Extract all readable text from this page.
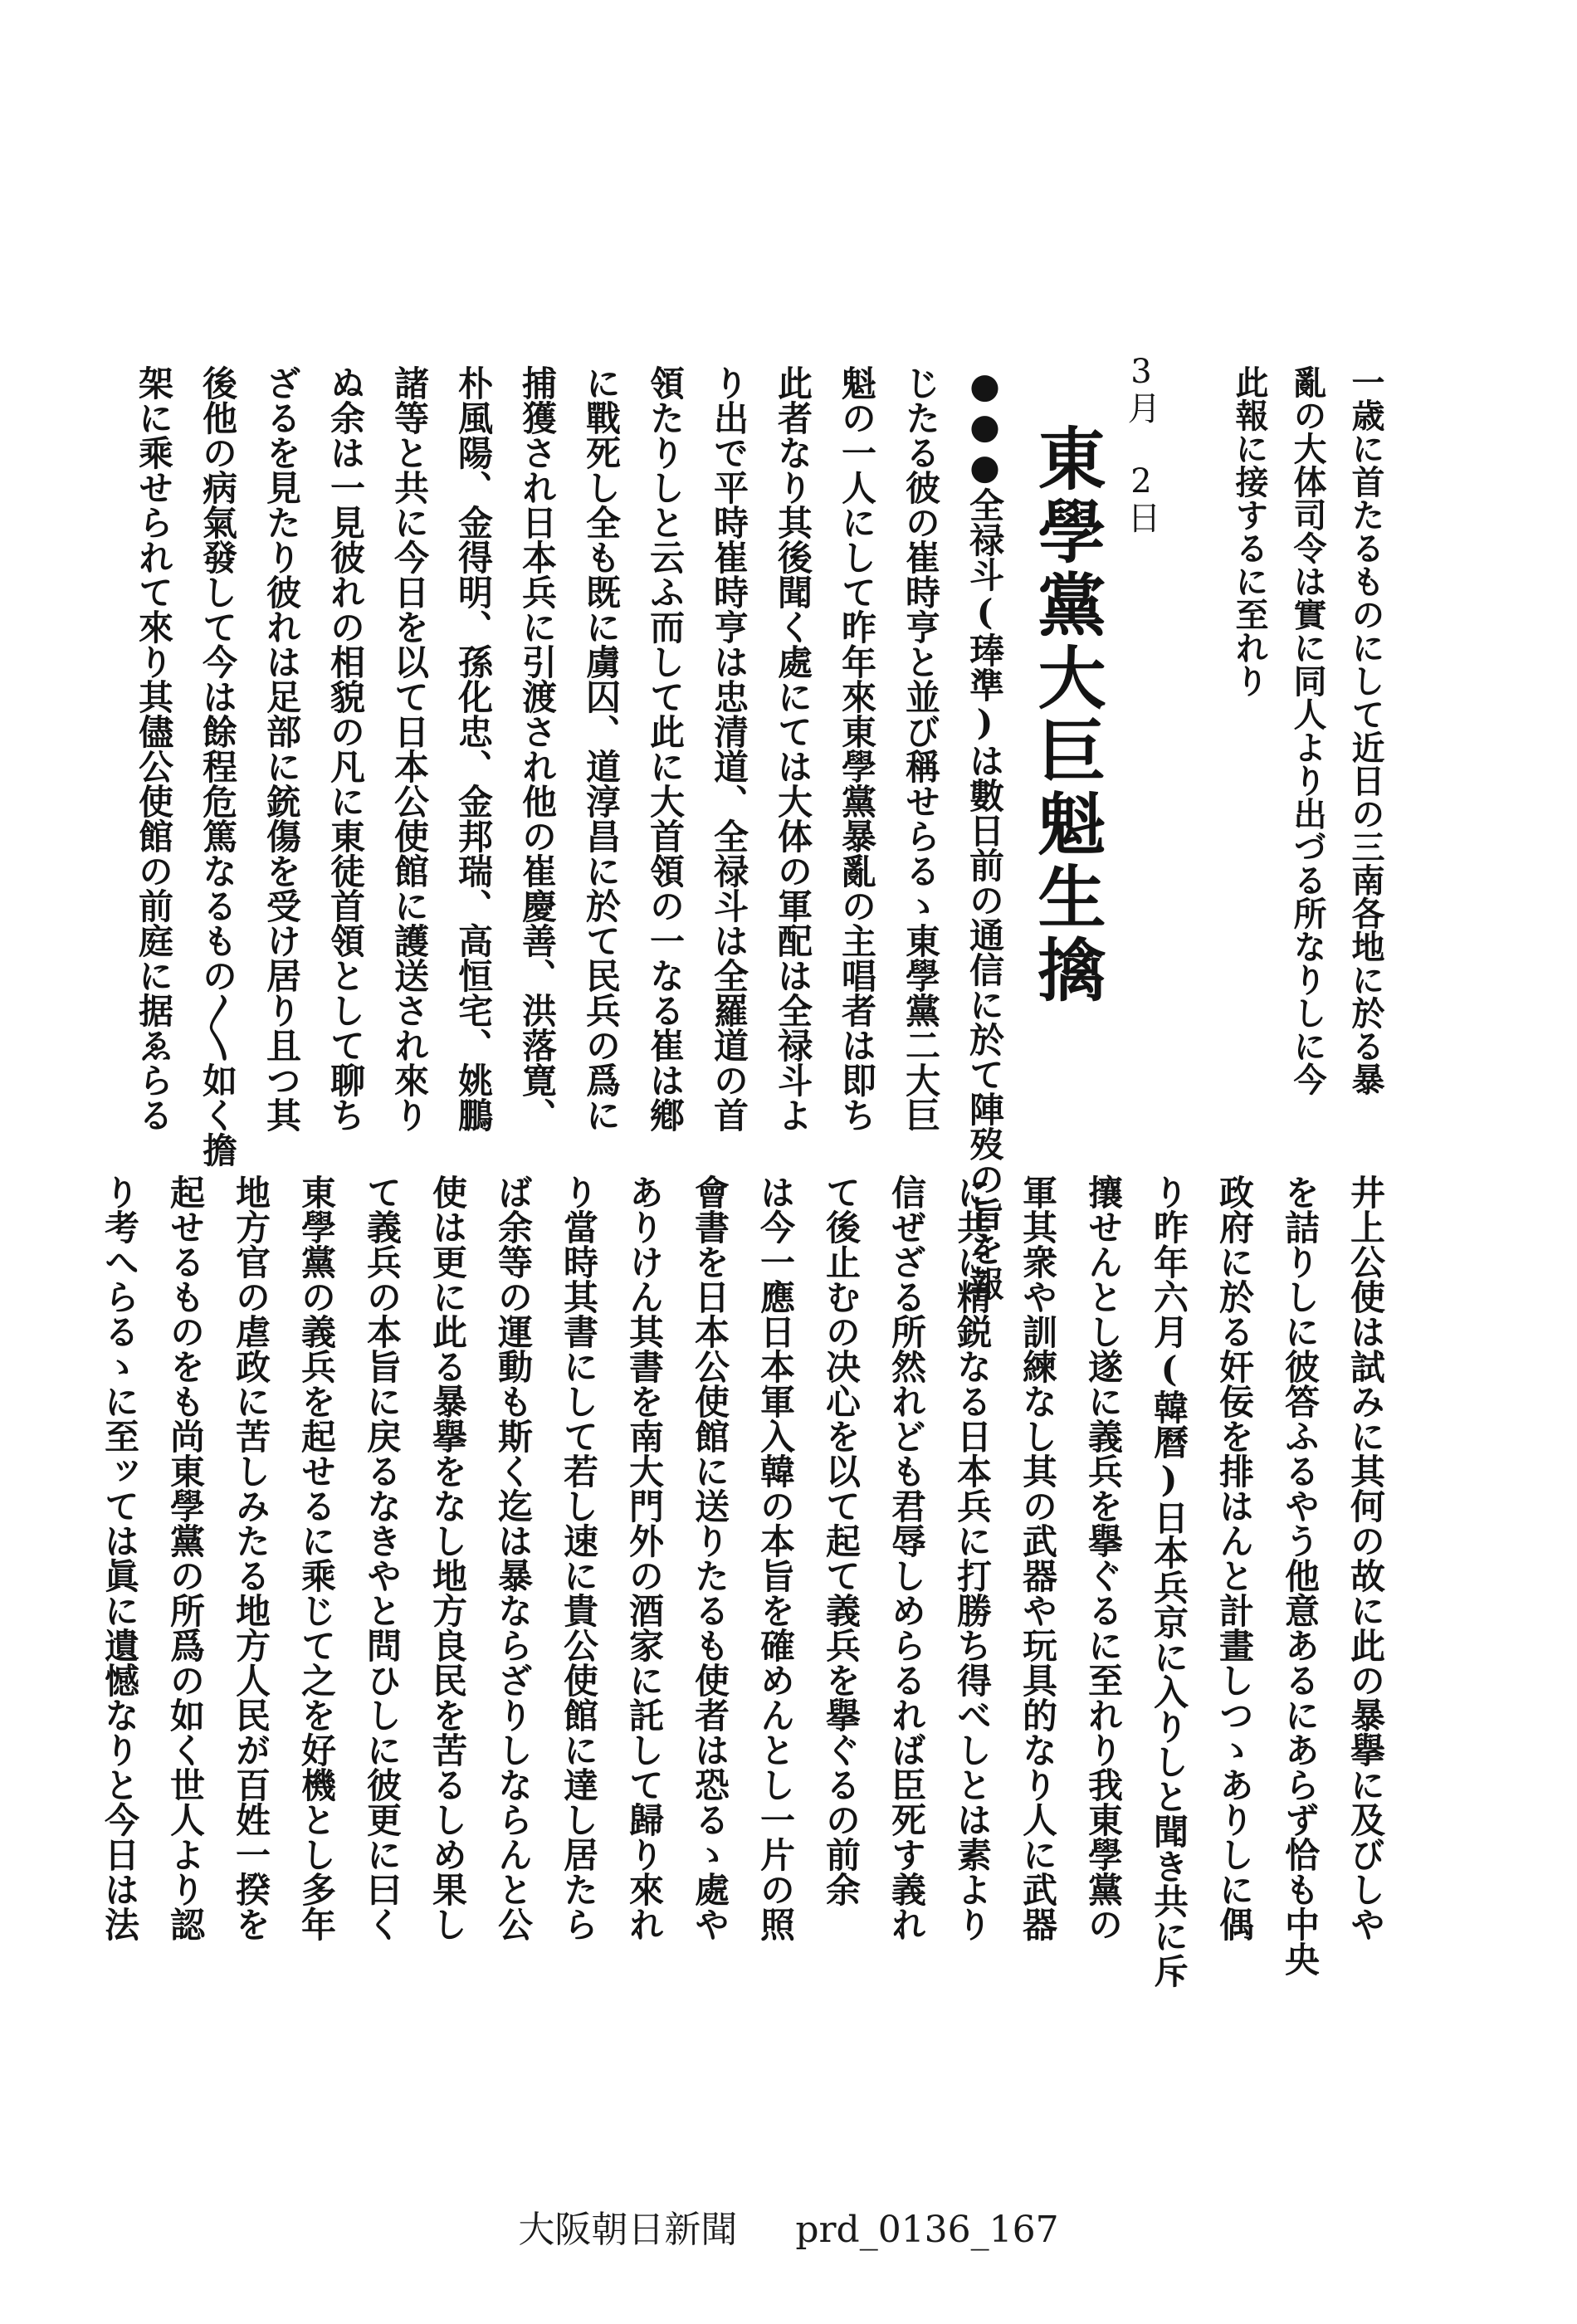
一歳に首たるものにして近日の三南各地に於る暴
亂の大体司令は實に同人より出づる所なりしに今
此報に接するに至れり
3月 2日
東學黨大巨魁生擒
●●●全禄斗(琫準)は數日前の通信に於て陣歿の旨を報
じたる彼の崔時亨と並び稱せらるゝ東學黨二大巨
魁の一人にして昨年來東學黨暴亂の主唱者は即ち
此者なり其後聞く處にては大体の軍配は全禄斗よ
り出で平時崔時亨は忠清道、全禄斗は全羅道の首
領たりしと云ふ而して此に大首領の一なる崔は鄕
に戰死し全も既に虜囚、道淳昌に於て民兵の爲に
捕獲され日本兵に引渡され他の崔慶善、洪落寛、
朴風陽、金得明、孫化忠、金邦瑞、高恒宅、姚鵬
諸等と共に今日を以て日本公使館に護送され來り
ぬ余は一見彼れの相貌の凡に東徒首領として聊ち
ざるを見たり彼れは足部に銃傷を受け居り且つ其
後他の病氣發して今は餘程危篤なるもの〱如く擔
架に乘せられて來り其儘公使館の前庭に据ゑらる
井上公使は試みに其何の故に此の暴擧に及びしや
を詰りしに彼答ふるやう他意あるにあらず恰も中央
政府に於る奸佞を排はんと計畫しつゝありしに偶
り昨年六月(韓曆)日本兵京に入りしと聞き共に斥
攘せんとし遂に義兵を擧ぐるに至れり我東學黨の
軍其衆や訓練なし其の武器や玩具的なり人に武器
に共に精鋭なる日本兵に打勝ち得べしとは素より
信ぜざる所然れども君辱しめらるれば臣死す義れ
て後止むの决心を以て起て義兵を擧ぐるの前余
は今一應日本軍入韓の本旨を確めんとし一片の照
會書を日本公使館に送りたるも使者は恐るゝ處や
ありけん其書を南大門外の酒家に託して歸り來れ
り當時其書にして若し速に貴公使館に達し居たら
ば余等の運動も斯く迄は暴ならざりしならんと公
使は更に此る暴擧をなし地方良民を苦るしめ果し
て義兵の本旨に戻るなきやと問ひしに彼更に曰く
東學黨の義兵を起せるに乘じて之を好機とし多年
地方官の虐政に苦しみたる地方人民が百姓一揆を
起せるものをも尚東學黨の所爲の如く世人より認
り考へらるゝに至ッては眞に遺憾なりと今日は法
大阪朝日新聞 prd_0136_167
